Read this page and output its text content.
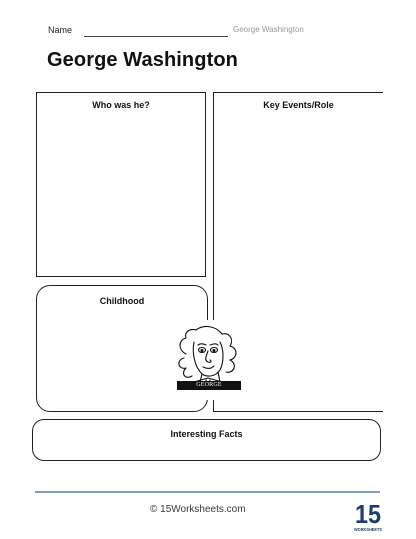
Name	George Washington
George Washington
Who was he?	Key Events/Role
Childhood
Interesting Facts
GEORGE WASHINGTON
© 15Worksheets.com	15
WORKSHEETS
